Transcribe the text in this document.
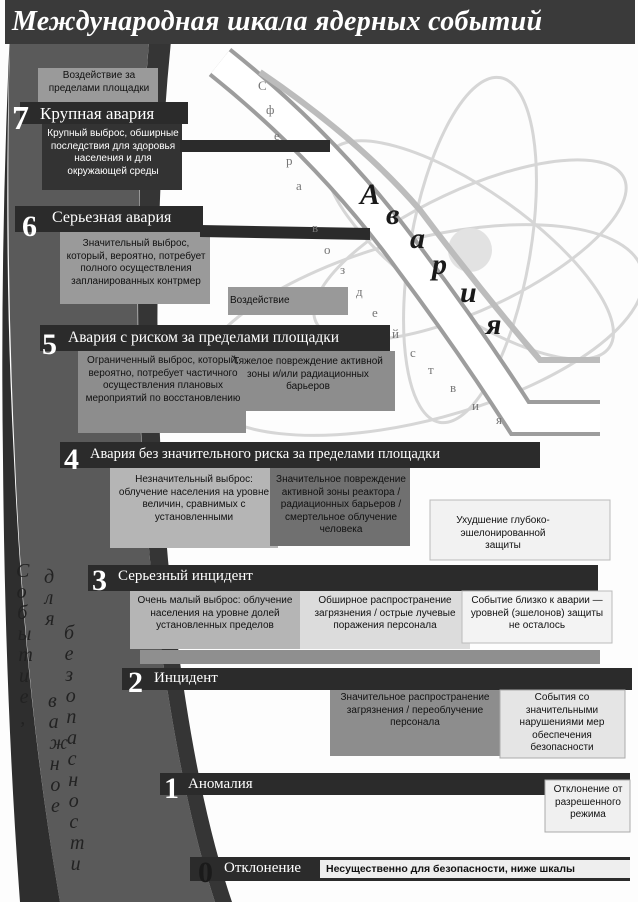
Международная шкала ядерных событий
Воздействие за пределами площадки
7 Крупная авария
Крупный выброс, обширные последствия для здоровья населения и для окружающей среды
6 Серьезная авария
Значительный выброс, который, вероятно, потребует полного осуществления запланированных контрмер
Воздействие
5 Авария с риском за пределами площадки
Ограниченный выброс, который, вероятно, потребует частичного осуществления плановых мероприятий по восстановлению
Тяжелое повреждение активной зоны и/или радиационных барьеров
4 Авария без значительного риска за пределами площадки
Незначительный выброс: облучение населения на уровне величин, сравнимых с установленными
Значительное повреждение активной зоны реактора / радиационных барьеров / смертельное облучение человека
Ухудшение глубоко-эшелонированной защиты
3 Серьезный инцидент
Очень малый выброс: облучение населения на уровне долей установленных пределов
Обширное распространение загрязнения / острые лучевые поражения персонала
Событие близко к аварии — уровней (эшелонов) защиты не осталось
2 Инцидент
Значительное распространение загрязнения / переоблучение персонала
События со значительными нарушениями мер обеспечения безопасности
1 Аномалия	Отклонение от разрешенного режима
0 Отклонение Несущественно для безопасности, ниже шкалы
С
ф
е
р
а
в
о
з
д
е
й
с
т
в
и
я
А
в
а
р
и
я
С
о
б
ы
т
и
е
,
д
л
я
б
е
з
о
п
а
с
н
о
с
т
и
в
а
ж
н
о
е
